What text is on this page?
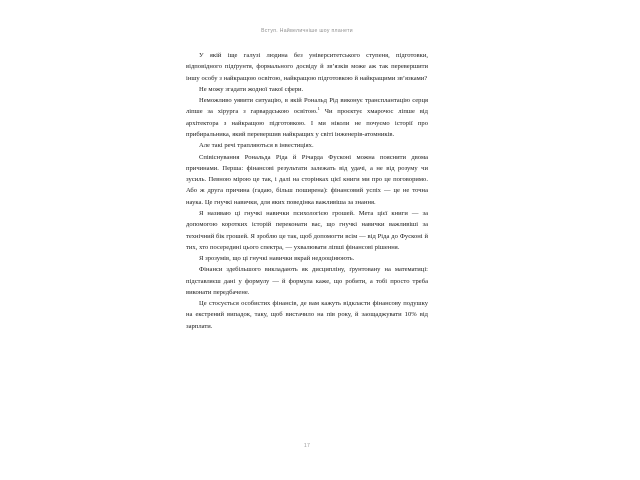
Вступ. Найвеличніше шоу планети

У якій іще галузі людина без університетського ступеня, підготовки, відповідного підґрунтя, формального досвіду й зв’язків може аж так перевершити іншу особу з найкращою освітою, найкращою підготовкою й найкращими зв’язками?

Не можу згадати жодної такої сфери.

Неможливо уявити ситуацію, в якій Рональд Рід виконує трансплантацію серця ліпше за хірурга з гарвардською освітою.$^1$ Чи проєктує хмарочос ліпше від архітектора з найкращою підготовкою. І ми ніколи не почуємо історії про прибиральника, який перевершив найкращих у світі інженерів-атомників.

Але такі речі трапляються в інвестиціях.

Співіснування Рональда Ріда й Річарда Фусконі можна пояснити двома причинами. Перша: фінансові результати залежать від удачі, а не від розуму чи зусиль. Певною мірою це так, і далі на сторінках цієї книги ми про це поговоримо. Або ж друга причина (гадаю, більш поширена): фінансовий успіх — це не точна наука. Це гнучкі навички, для яких поведінка важливіша за знання.

Я називаю ці гнучкі навички психологією грошей. Мета цієї книги — за допомогою коротких історій переконати вас, що гнучкі навички важливіші за технічний бік грошей. Я зроблю це так, щоб допомогти всім — від Ріда до Фусконі й тих, хто посередині цього спектра, — ухвалювати ліпші фінансові рішення.

Я зрозумів, що ці гнучкі навички вкрай недооцінюють.

Фінанси здебільшого викладають як дисципліну, ґрунтовану на математиці: підставляєш дані у формулу — й формула каже, що робити, а тобі просто треба виконати передбачене.

Це стосується особистих фінансів, де вам кажуть відкласти фінансову подушку на екстрений випадок, таку, щоб вистачило на пів року, й заощаджувати 10% від зарплати.

17
